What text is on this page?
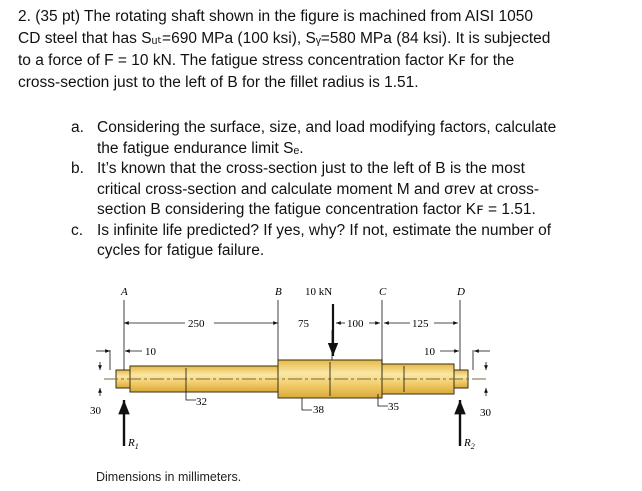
2. (35 pt) The rotating shaft shown in the figure is machined from AISI 1050

CD steel that has Sᵤₜ=690 MPa (100 ksi), Sᵧ=580 MPa (84 ksi). It is subjected

to a force of F = 10 kN. The fatigue stress concentration factor Kꜰ for the

cross-section just to the left of B for the fillet radius is 1.51.

a. Considering the surface, size, and load modifying factors, calculate
the fatigue endurance limit Sₑ.
b. It’s known that the cross-section just to the left of B is the most
critical cross-section and calculate moment M and σrev at cross-
section B considering the fatigue concentration factor Kꜰ = 1.51.
c. Is infinite life predicted? If yes, why? If not, estimate the number of
cycles for fatigue failure.
A	B	C	D
10 kN
250	75	100	125
10	10
32
38	35
30	30
$R_1$	$R_2$
Dimensions in millimeters.
